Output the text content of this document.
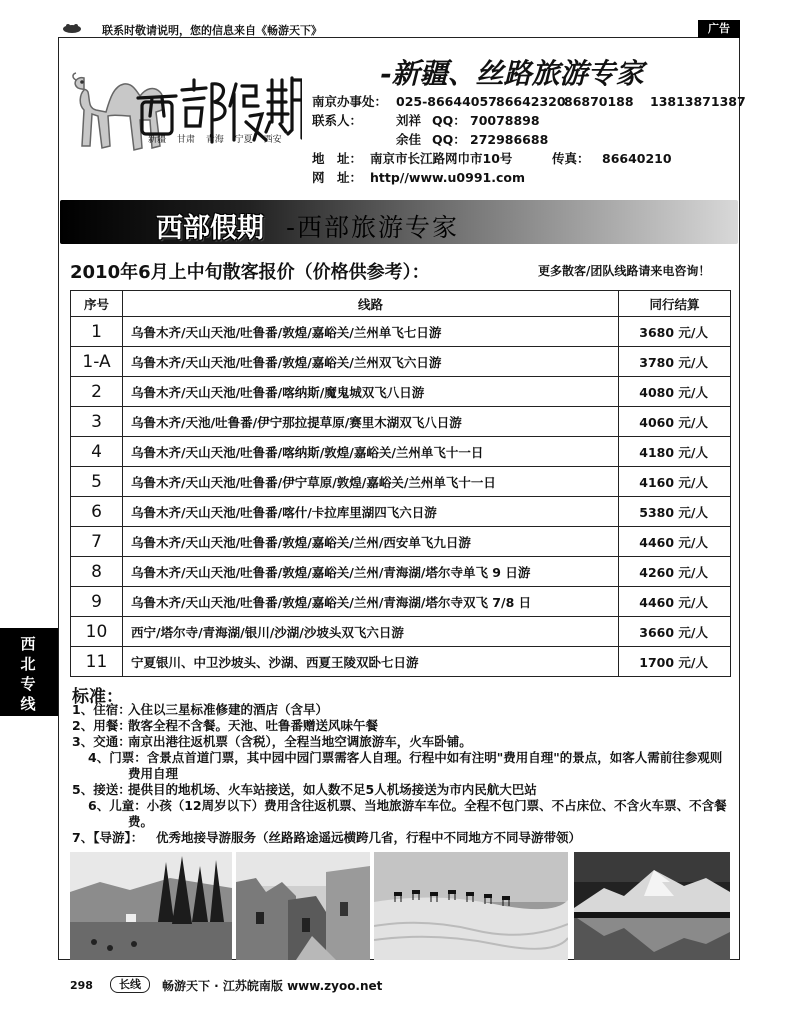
联系时敬请说明，您的信息来自《畅游天下》	广告
新疆 甘肃 青海 宁夏 西安
-新疆、丝路旅游专家
南京办事处： 025-86644057 86642320
86870188 13813871387
联系人：	刘祥 QQ： 70078898
余佳 QQ： 272986688
地　址： 南京市长江路网巾市10号	传真： 86640210
网　址： http//www.u0991.com
西部假期 -西部旅游专家
2010年6月上中旬散客报价（价格供参考）：	更多散客/团队线路请来电咨询！
序号	线路	同行结算
1	乌鲁木齐/天山天池/吐鲁番/敦煌/嘉峪关/兰州单飞七日游	3680 元/人
1-A	乌鲁木齐/天山天池/吐鲁番/敦煌/嘉峪关/兰州双飞六日游	3780 元/人
2	乌鲁木齐/天山天池/吐鲁番/喀纳斯/魔鬼城双飞八日游	4080 元/人
3	乌鲁木齐/天池/吐鲁番/伊宁那拉提草原/赛里木湖双飞八日游	4060 元/人
4	乌鲁木齐/天山天池/吐鲁番/喀纳斯/敦煌/嘉峪关/兰州单飞十一日	4180 元/人
5	乌鲁木齐/天山天池/吐鲁番/伊宁草原/敦煌/嘉峪关/兰州单飞十一日	4160 元/人
6	乌鲁木齐/天山天池/吐鲁番/喀什/卡拉库里湖四飞六日游	5380 元/人
7	乌鲁木齐/天山天池/吐鲁番/敦煌/嘉峪关/兰州/西安单飞九日游	4460 元/人
8	乌鲁木齐/天山天池/吐鲁番/敦煌/嘉峪关/兰州/青海湖/塔尔寺单飞 9 日游	4260 元/人
9	乌鲁木齐/天山天池/吐鲁番/敦煌/嘉峪关/兰州/青海湖/塔尔寺双飞 7/8 日	4460 元/人
10	西宁/塔尔寺/青海湖/银川/沙湖/沙坡头双飞六日游	3660 元/人
11	宁夏银川、中卫沙坡头、沙湖、西夏王陵双卧七日游	1700 元/人
西
北
专
线	标准：
1、住宿：
入住以三星标准修建的酒店（含早）
2、用餐：
散客全程不含餐。天池、吐鲁番赠送风味午餐
3、交通：
南京出港往返机票（含税），全程当地空调旅游车，火车卧铺。
4、门票：含景点首道门票，其中园中园门票需客人自理。行程中如有注明"费用自理"的景点，如客人需前往参观则费用自理
5、接送：
提供目的地机场、火车站接送，如人数不足5人机场接送为市内民航大巴站
6、儿童：小孩（12周岁以下）费用含往返机票、当地旅游车车位。全程不包门票、不占床位、不含火车票、不含餐费。
7、【导游】： 优秀地接导游服务（丝路路途遥远横跨几省，行程中不同地方不同导游带领）
298	长线	畅游天下 · 江苏皖南版 www.zyoo.net
